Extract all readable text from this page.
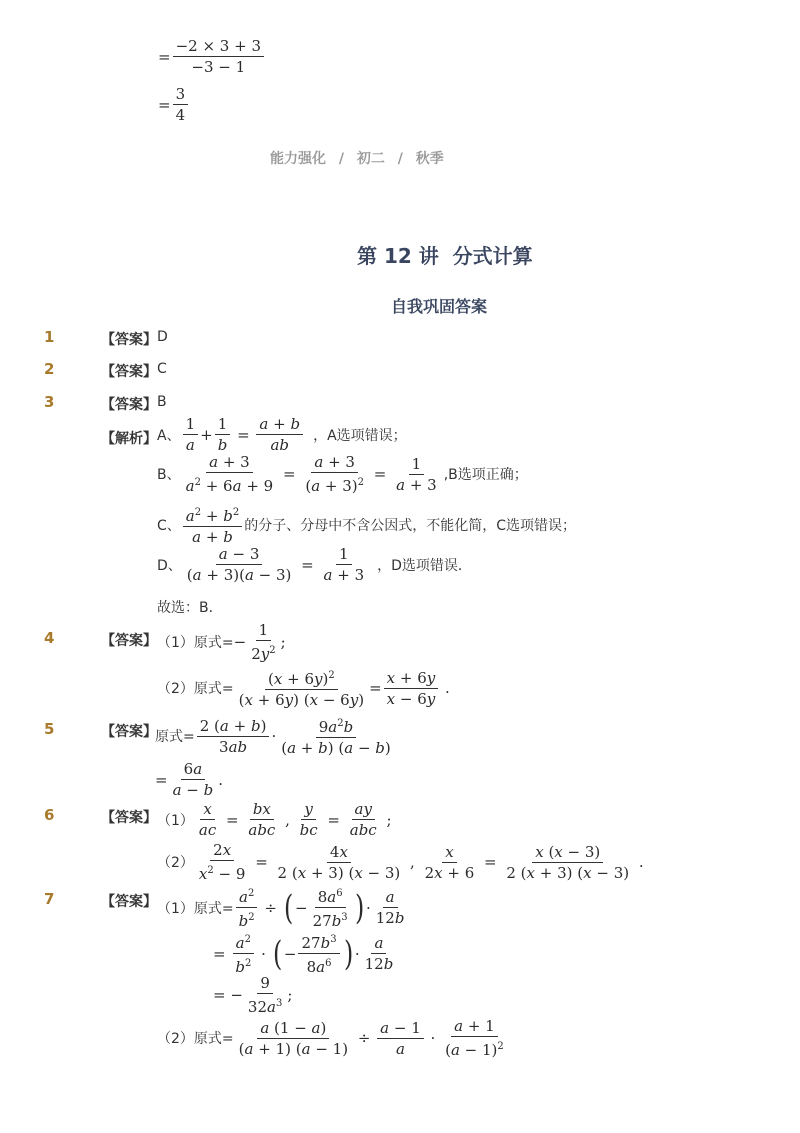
= $\frac{-2 \times 3 + 3}{-3 - 1}$
= $\frac{3}{4}$
能力强化 / 初二 / 秋季
第 12 讲  分式计算
自我巩固答案
1	【答案】 D
2	【答案】 C
3	【答案】 B
【解析】 A、 $\frac{1}{a} + \frac{1}{b} = \frac{a + b}{ab}$ ，A选项错误；
B、 $\frac{a + 3}{a^2 + 6a + 9} = \frac{a + 3}{(a + 3)^2} = \frac{1}{a + 3} ,B$选项正确；
C、 $\frac{a^2 + b^2}{a + b}$ 的分子、分母中不含公因式，不能化简，C选项错误；
D、 $\frac{a - 3}{(a + 3)(a - 3)} = \frac{1}{a + 3}$ ，D选项错误．
故选：B．
4	【答案】 （1） 原式= − $\frac{1}{2y^2}$ ;
（2） 原式= $\frac{(x + 6y)^2}{(x + 6y) (x - 6y)} = \frac{x + 6y}{x - 6y}$ .
5	【答案】
原式= $\frac{2 (a + b)}{3ab} \cdot \frac{9a^2b}{(a + b) (a - b)}$
= $\frac{6a}{a - b}$ .
6	【答案】 $(1) \frac{x}{ac} = \frac{bx}{\text{abc}}$ , $\frac{y}{bc} = \frac{ay}{\text{abc}}$ ;
$(2) \frac{2x}{x^2 - 9} = \frac{4x}{2 (x + 3) (x - 3)}$ , $\frac{x}{2x + 6} = \frac{x (x - 3)}{2 (x + 3) (x - 3)}$ .
7	【答案】 （1） 原式= $\frac{a^2}{b^2}$ ÷ ( − $\frac{8a^6}{27b^3}$ ) · $\frac{a}{12b}$
= $\frac{a^2}{b^2}$ · ( − $\frac{27b^3}{8a^6}$ ) · $\frac{a}{12b}$
= − $\frac{9}{32a^3}$ ;
（2） 原式= $\frac{a (1 - a)}{(a + 1) (a - 1)} \div \frac{a - 1}{a} \cdot \frac{a + 1}{(a - 1)^2}$
